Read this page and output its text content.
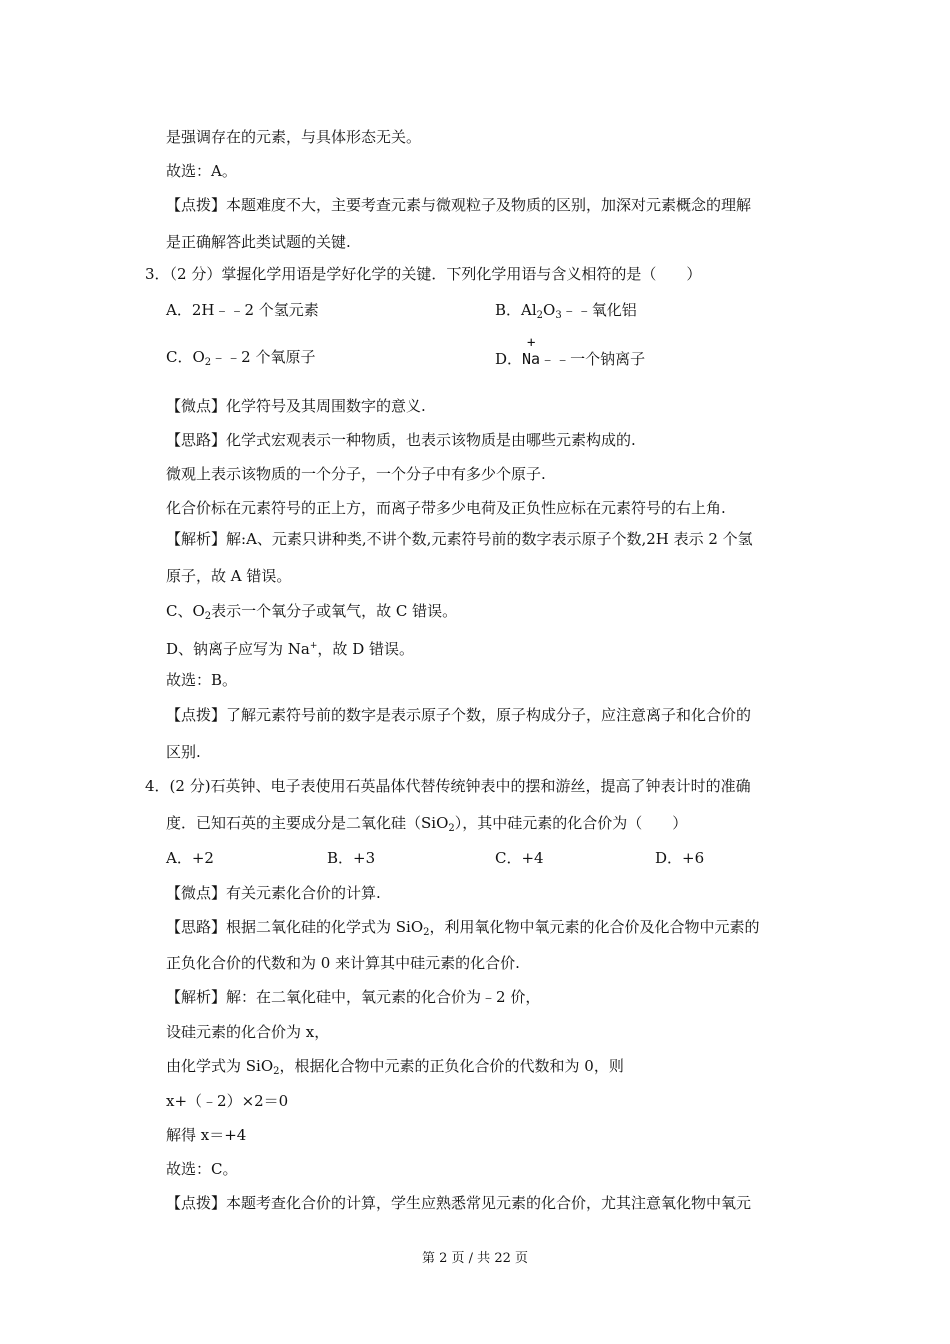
是强调存在的元素，与具体形态无关。
故选：A。
【点拨】本题难度不大，主要考查元素与微观粒子及物质的区别，加深对元素概念的理解
是正确解答此类试题的关键.
3．（2 分）掌握化学用语是学好化学的关键．下列化学用语与含义相符的是（　　）
A．2H﹣﹣2 个氢元素	B．$Al_2O_3﹣﹣$氧化铝
C．$O_2﹣﹣2$ 个氧原子	D．
+
Na﹣﹣一个钠离子
【微点】化学符号及其周围数字的意义.
【思路】化学式宏观表示一种物质，也表示该物质是由哪些元素构成的.
微观上表示该物质的一个分子，一个分子中有多少个原子.
化合价标在元素符号的正上方，而离子带多少电荷及正负性应标在元素符号的右上角.
【解析】解:A、元素只讲种类,不讲个数,元素符号前的数字表示原子个数,2H 表示 2 个氢
原子，故 A 错误。
C、$O_2$表示一个氧分子或氧气，故 C 错误。
D、钠离子应写为 Na+，故 D 错误。
故选：B。
【点拨】了解元素符号前的数字是表示原子个数，原子构成分子，应注意离子和化合价的
区别.
4．(2 分)石英钟、电子表使用石英晶体代替传统钟表中的摆和游丝，提高了钟表计时的准确
度．已知石英的主要成分是二氧化硅（SiO$_2$），其中硅元素的化合价为（　　）
A．+2	B．+3	C．+4	D．+6
【微点】有关元素化合价的计算.
【思路】根据二氧化硅的化学式为 SiO$_2$，利用氧化物中氧元素的化合价及化合物中元素的
正负化合价的代数和为 0 来计算其中硅元素的化合价.
【解析】解：在二氧化硅中，氧元素的化合价为﹣2 价，
设硅元素的化合价为 x，
由化学式为 SiO$_2$，根据化合物中元素的正负化合价的代数和为 0，则
x+（﹣2）×2＝0
解得 x＝+4
故选：C。
【点拨】本题考查化合价的计算，学生应熟悉常见元素的化合价，尤其注意氧化物中氧元
第 2 页 / 共 22 页
